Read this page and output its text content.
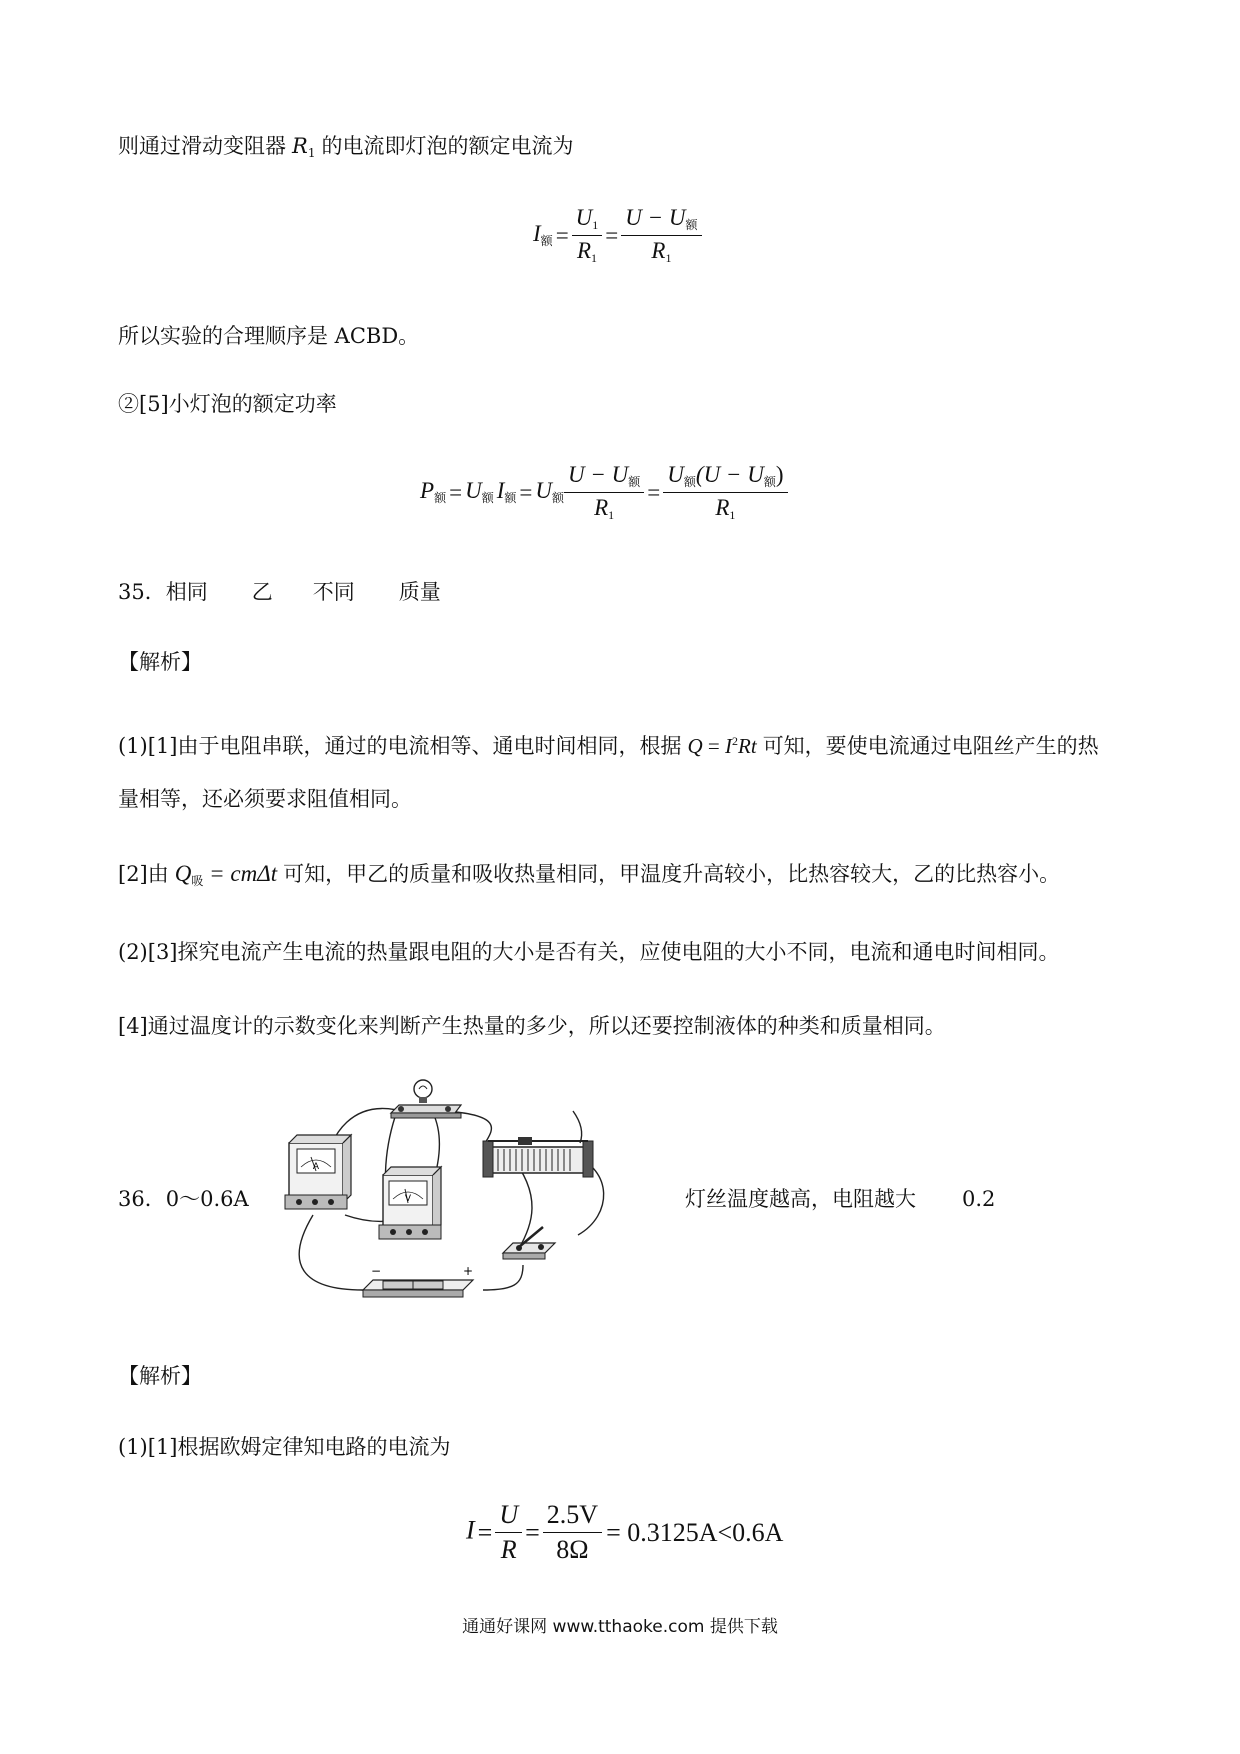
则通过滑动变阻器 $R_1$ 的电流即灯泡的额定电流为
$I_额 = \frac{U_1}{R_1} = \frac{U - U_额}{R_1}$
所以实验的合理顺序是 ACBD。
②[5]小灯泡的额定功率
$P_额 = U_额$ $I_额 = U_额 \frac{U - U_额}{R_1} = \frac{U_额(U - U_额)}{R_1}$
35．相同 乙 不同 质量
【解析】
(1)[1]由于电阻串联，通过的电流相等、通电时间相同，根据 $Q = I^2Rt$ 可知，要使电流通过电阻丝产生的热
量相等，还必须要求阻值相同。
[2]由 $Q_吸 = cm\Delta t$ 可知，甲乙的质量和吸收热量相同，甲温度升高较小，比热容较大，乙的比热容小。
(2)[3]探究电流产生电流的热量跟电阻的大小是否有关，应使电阻的大小不同，电流和通电时间相同。
[4]通过温度计的示数变化来判断产生热量的多少，所以还要控制液体的种类和质量相同。
36．0～0.6A	灯丝温度越高，电阻越大 0.2
A
V
−	+
【解析】
(1)[1]根据欧姆定律知电路的电流为
$I = \frac{U}{R} = \frac{2.5V}{8\Omega} = 0.3125A<0.6A$
通通好课网 www.tthaoke.com 提供下载
